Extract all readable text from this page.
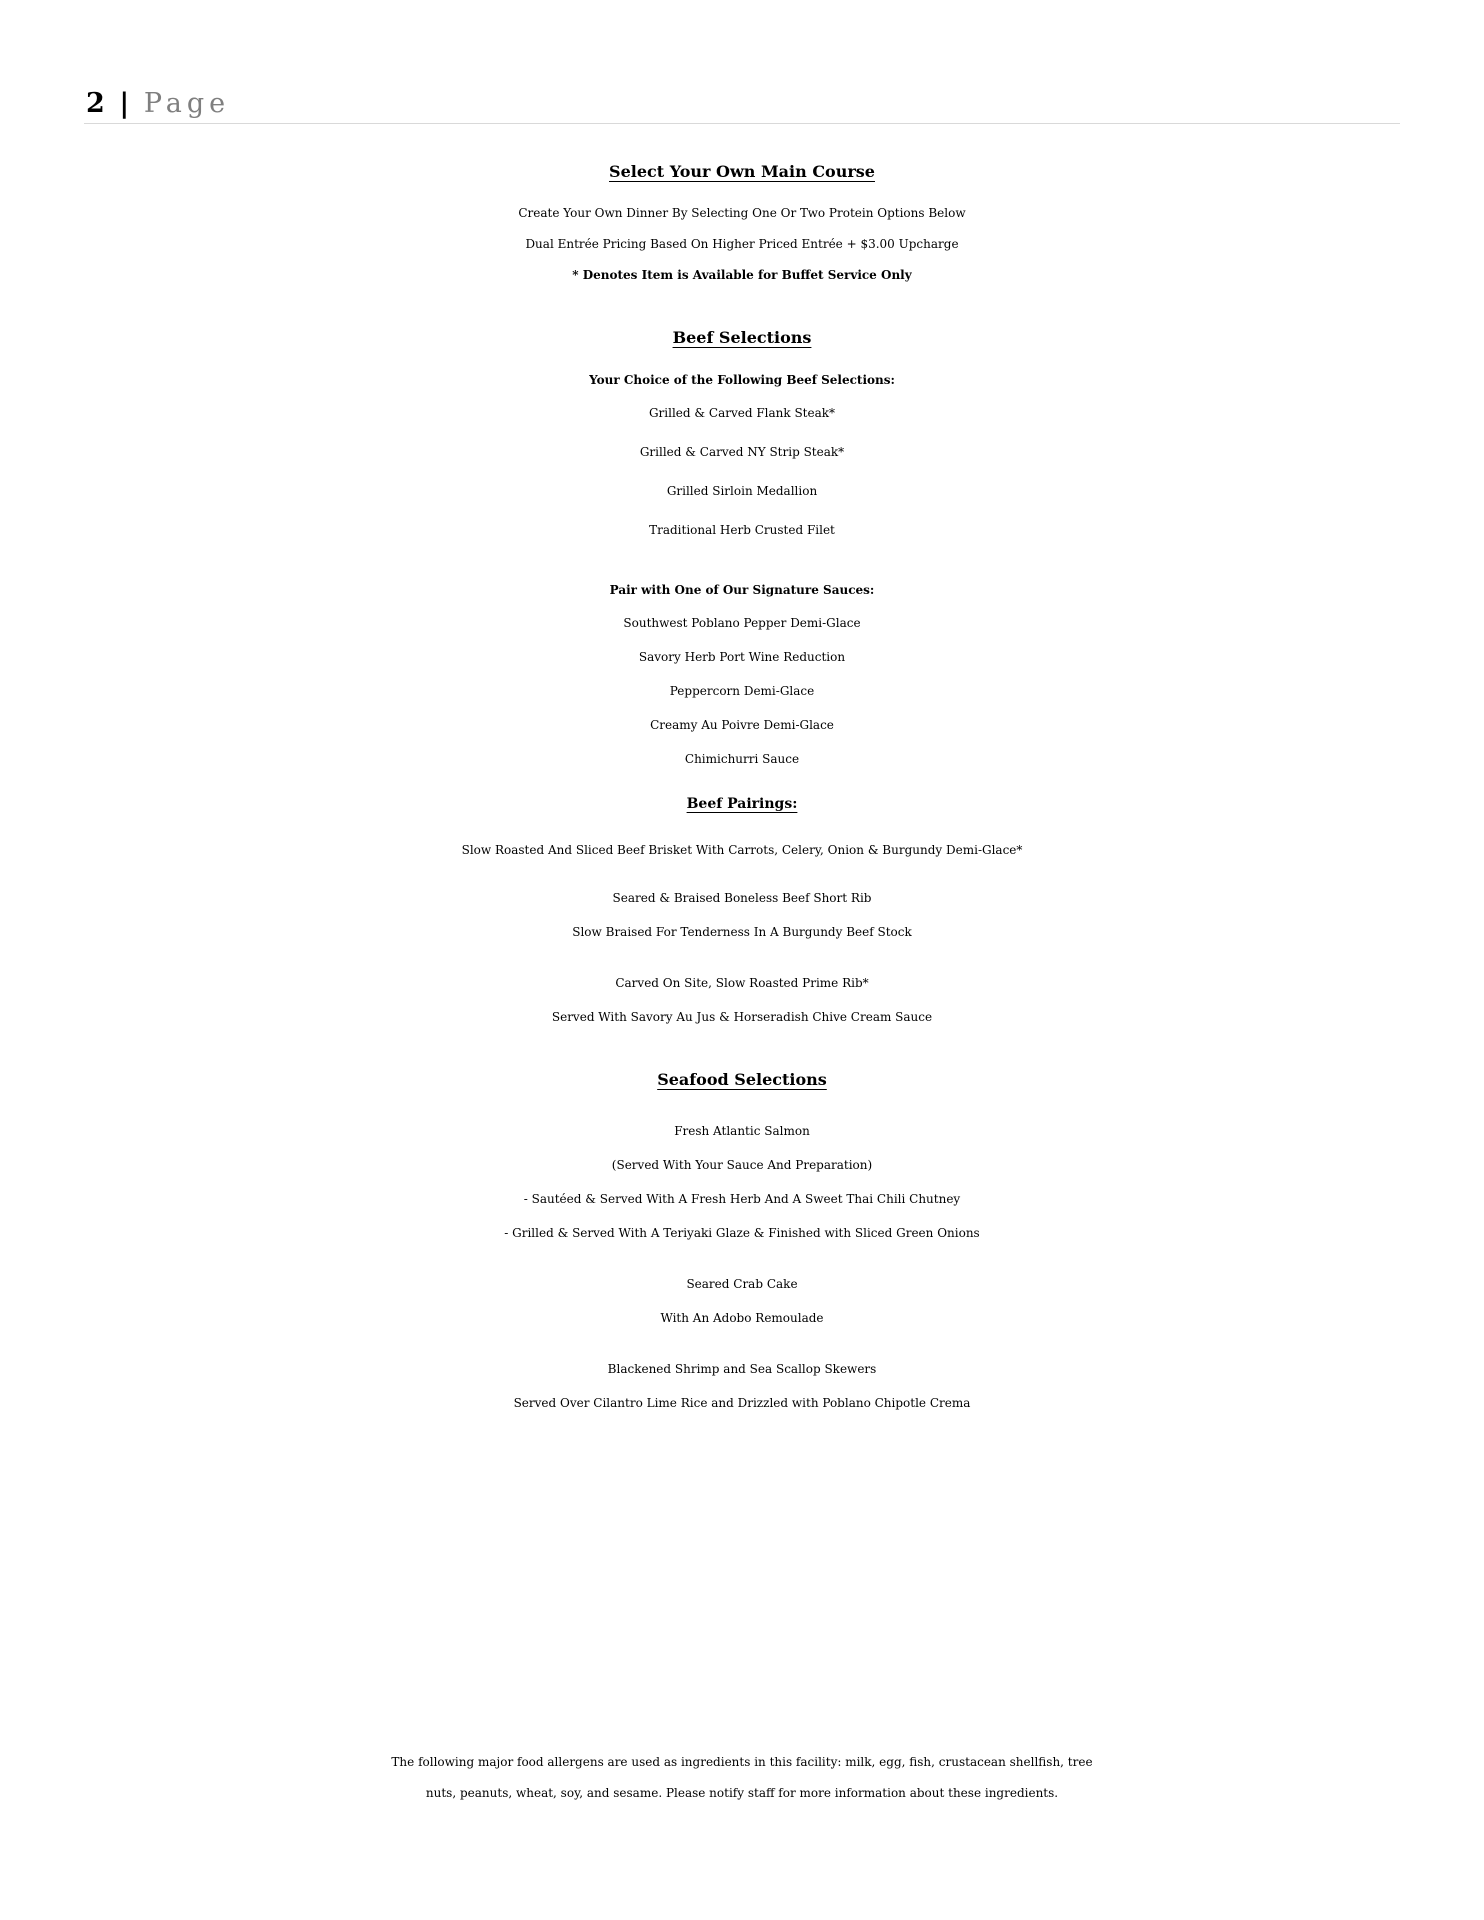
2 | Page
Select Your Own Main Course
Create Your Own Dinner By Selecting One Or Two Protein Options Below
Dual Entrée Pricing Based On Higher Priced Entrée + $3.00 Upcharge
* Denotes Item is Available for Buffet Service Only
Beef Selections
Your Choice of the Following Beef Selections:
Grilled & Carved Flank Steak*
Grilled & Carved NY Strip Steak*
Grilled Sirloin Medallion
Traditional Herb Crusted Filet
Pair with One of Our Signature Sauces:
Southwest Poblano Pepper Demi-Glace
Savory Herb Port Wine Reduction
Peppercorn Demi-Glace
Creamy Au Poivre Demi-Glace
Chimichurri Sauce
Beef Pairings:
Slow Roasted And Sliced Beef Brisket With Carrots, Celery, Onion & Burgundy Demi-Glace*
Seared & Braised Boneless Beef Short Rib
Slow Braised For Tenderness In A Burgundy Beef Stock
Carved On Site, Slow Roasted Prime Rib*
Served With Savory Au Jus & Horseradish Chive Cream Sauce
Seafood Selections
Fresh Atlantic Salmon
(Served With Your Sauce And Preparation)
- Sautéed & Served With A Fresh Herb And A Sweet Thai Chili Chutney
- Grilled & Served With A Teriyaki Glaze & Finished with Sliced Green Onions
Seared Crab Cake
With An Adobo Remoulade
Blackened Shrimp and Sea Scallop Skewers
Served Over Cilantro Lime Rice and Drizzled with Poblano Chipotle Crema
The following major food allergens are used as ingredients in this facility: milk, egg, fish, crustacean shellfish, tree
nuts, peanuts, wheat, soy, and sesame. Please notify staff for more information about these ingredients.
